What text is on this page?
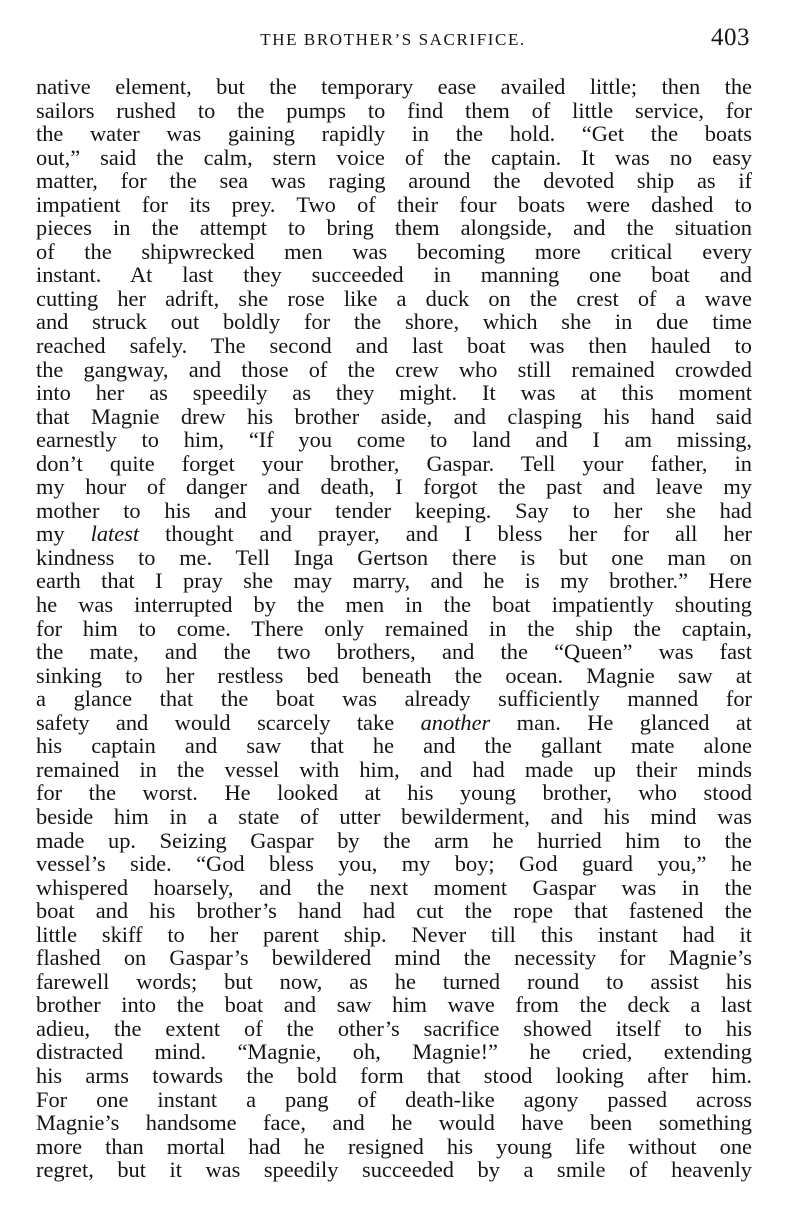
THE BROTHER’S SACRIFICE.	403
native element, but the temporary ease availed little; then the
sailors rushed to the pumps to find them of little service, for
the water was gaining rapidly in the hold. “Get the boats
out,” said the calm, stern voice of the captain. It was no easy
matter, for the sea was raging around the devoted ship as if
impatient for its prey. Two of their four boats were dashed to
pieces in the attempt to bring them alongside, and the situation
of the shipwrecked men was becoming more critical every
instant. At last they succeeded in manning one boat and
cutting her adrift, she rose like a duck on the crest of a wave
and struck out boldly for the shore, which she in due time
reached safely. The second and last boat was then hauled to
the gangway, and those of the crew who still remained crowded
into her as speedily as they might. It was at this moment
that Magnie drew his brother aside, and clasping his hand said
earnestly to him, “If you come to land and I am missing,
don’t quite forget your brother, Gaspar. Tell your father, in
my hour of danger and death, I forgot the past and leave my
mother to his and your tender keeping. Say to her she had
my latest thought and prayer, and I bless her for all her
kindness to me. Tell Inga Gertson there is but one man on
earth that I pray she may marry, and he is my brother.” Here
he was interrupted by the men in the boat impatiently shouting
for him to come. There only remained in the ship the captain,
the mate, and the two brothers, and the “Queen” was fast
sinking to her restless bed beneath the ocean. Magnie saw at
a glance that the boat was already sufficiently manned for
safety and would scarcely take another man. He glanced at
his captain and saw that he and the gallant mate alone
remained in the vessel with him, and had made up their minds
for the worst. He looked at his young brother, who stood
beside him in a state of utter bewilderment, and his mind was
made up. Seizing Gaspar by the arm he hurried him to the
vessel’s side. “God bless you, my boy; God guard you,” he
whispered hoarsely, and the next moment Gaspar was in the
boat and his brother’s hand had cut the rope that fastened the
little skiff to her parent ship. Never till this instant had it
flashed on Gaspar’s bewildered mind the necessity for Magnie’s
farewell words; but now, as he turned round to assist his
brother into the boat and saw him wave from the deck a last
adieu, the extent of the other’s sacrifice showed itself to his
distracted mind. “Magnie, oh, Magnie!” he cried, extending
his arms towards the bold form that stood looking after him.
For one instant a pang of death-like agony passed across
Magnie’s handsome face, and he would have been something
more than mortal had he resigned his young life without one
regret, but it was speedily succeeded by a smile of heavenly
